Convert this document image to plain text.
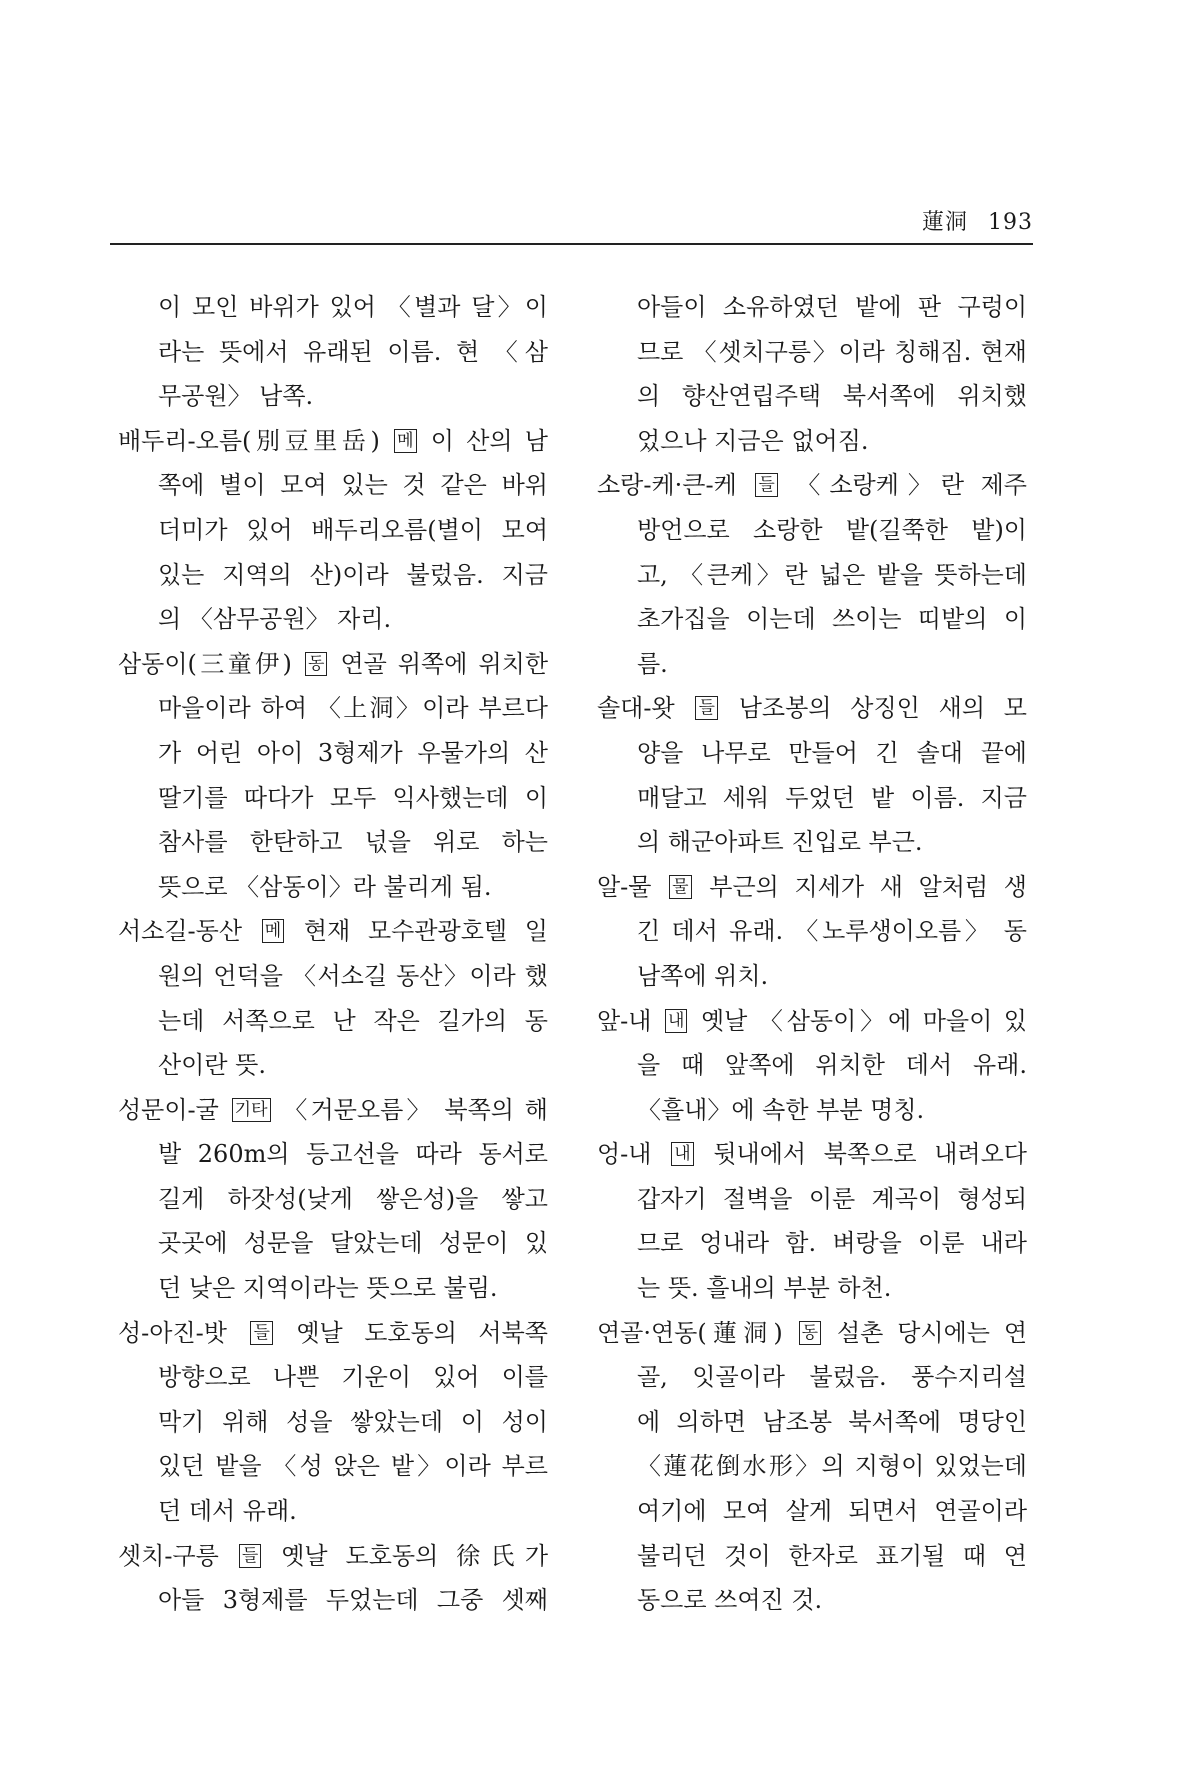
蓮洞 193
이 모인 바위가 있어 〈별과 달〉이
라는 뜻에서 유래된 이름. 현 〈삼
무공원〉 남쪽.
배두리-오름(別豆里岳) 메 이 산의 남
쪽에 별이 모여 있는 것 같은 바위
더미가 있어 배두리오름(별이 모여
있는 지역의 산)이라 불렀음. 지금
의 〈삼무공원〉 자리.
삼동이(三童伊) 동 연골 위쪽에 위치한
마을이라 하여 〈上洞〉이라 부르다
가 어린 아이 3형제가 우물가의 산
딸기를 따다가 모두 익사했는데 이
참사를 한탄하고 넋을 위로 하는
뜻으로 〈삼동이〉라 불리게 됨.
서소길-동산 메 현재 모수관광호텔 일
원의 언덕을 〈서소길 동산〉이라 했
는데 서쪽으로 난 작은 길가의 동
산이란 뜻.
성문이-굴 기타 〈거문오름〉 북쪽의 해
발 260m의 등고선을 따라 동서로
길게 하잣성(낮게 쌓은성)을 쌓고
곳곳에 성문을 달았는데 성문이 있
던 낮은 지역이라는 뜻으로 불림.
성-아진-밧 들 옛날 도호동의 서북쪽
방향으로 나쁜 기운이 있어 이를
막기 위해 성을 쌓았는데 이 성이
있던 밭을 〈성 앉은 밭〉이라 부르
던 데서 유래.
셋치-구릉 들 옛날 도호동의 徐氏가
아들 3형제를 두었는데 그중 셋째
아들이 소유하였던 밭에 판 구렁이
므로 〈셋치구릉〉이라 칭해짐. 현재
의 향산연립주택 북서쪽에 위치했
었으나 지금은 없어짐.
소랑-케·큰-케 들 〈소랑케〉란 제주
방언으로 소랑한 밭(길쭉한 밭)이
고, 〈큰케〉란 넓은 밭을 뜻하는데
초가집을 이는데 쓰이는 띠밭의 이
름.
솔대-왓 들 남조봉의 상징인 새의 모
양을 나무로 만들어 긴 솔대 끝에
매달고 세워 두었던 밭 이름. 지금
의 해군아파트 진입로 부근.
알-물 물 부근의 지세가 새 알처럼 생
긴 데서 유래. 〈노루생이오름〉 동
남쪽에 위치.
앞-내 내 옛날 〈삼동이〉에 마을이 있
을 때 앞쪽에 위치한 데서 유래.
〈흘내〉에 속한 부분 명칭.
엉-내 내 뒷내에서 북쪽으로 내려오다
갑자기 절벽을 이룬 계곡이 형성되
므로 엉내라 함. 벼랑을 이룬 내라
는 뜻. 흘내의 부분 하천.
연골·연동(蓮洞) 동 설촌 당시에는 연
골, 잇골이라 불렀음. 풍수지리설
에 의하면 남조봉 북서쪽에 명당인
〈蓮花倒水形〉의 지형이 있었는데
여기에 모여 살게 되면서 연골이라
불리던 것이 한자로 표기될 때 연
동으로 쓰여진 것.
